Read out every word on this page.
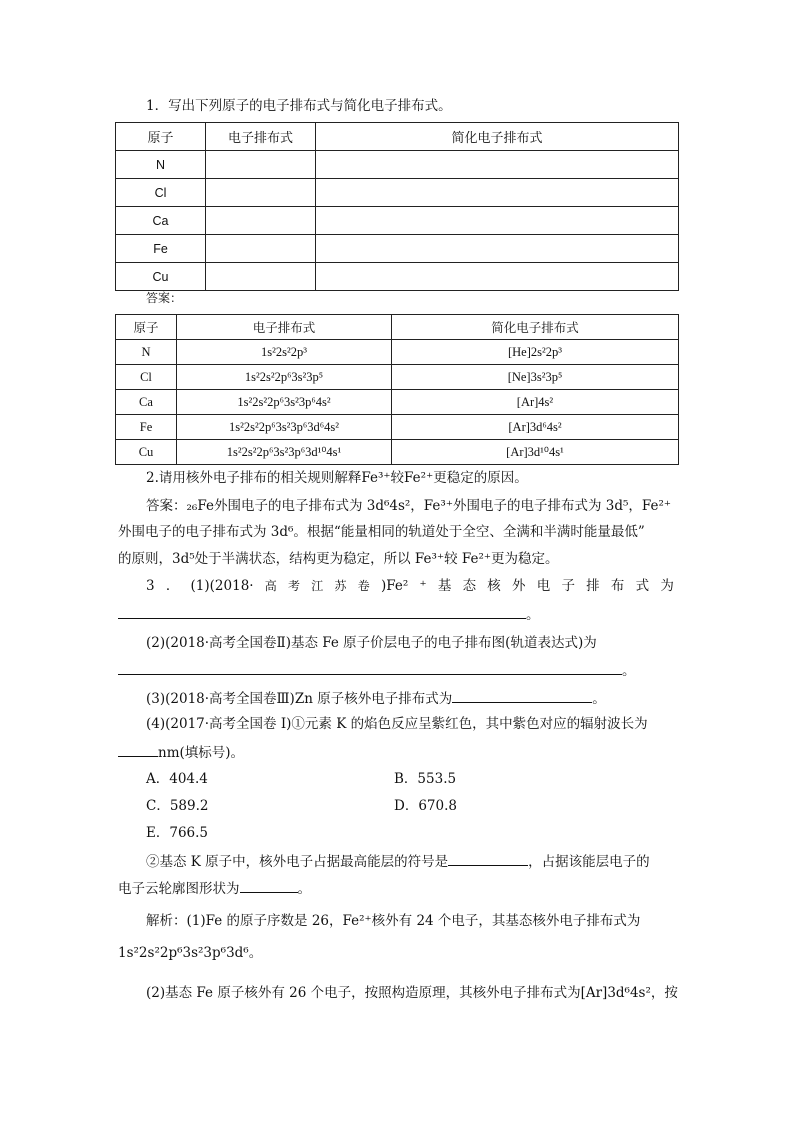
1．写出下列原子的电子排布式与简化电子排布式。
原子	电子排布式	简化电子排布式
N		
Cl		
Ca		
Fe		
Cu		
答案：
原子	电子排布式	简化电子排布式
N	1s²2s²2p³	[He]2s²2p³
Cl	1s²2s²2p⁶3s²3p⁵	[Ne]3s²3p⁵
Ca	1s²2s²2p⁶3s²3p⁶4s²	[Ar]4s²
Fe	1s²2s²2p⁶3s²3p⁶3d⁶4s²	[Ar]3d⁶4s²
Cu	1s²2s²2p⁶3s²3p⁶3d¹⁰4s¹	[Ar]3d¹⁰4s¹
2.请用核外电子排布的相关规则解释Fe³⁺较Fe²⁺更稳定的原因。
答案：₂₆Fe外围电子的电子排布式为 3d⁶4s²，Fe³⁺外围电子的电子排布式为 3d⁵，Fe²⁺
外围电子的电子排布式为 3d⁶。根据“能量相同的轨道处于全空、全满和半满时能量最低”
的原则，3d⁵处于半满状态，结构更为稳定，所以 Fe³⁺较 Fe²⁺更为稳定。
3 ． (1)(2018· 高 考 江 苏 卷 )Fe² ⁺ 基 态 核 外 电 子 排 布 式 为
。
(2)(2018·高考全国卷Ⅱ)基态 Fe 原子价层电子的电子排布图(轨道表达式)为
。
(3)(2018·高考全国卷Ⅲ)Zn 原子核外电子排布式为	。
(4)(2017·高考全国卷 Ⅰ)①元素 K 的焰色反应呈紫红色，其中紫色对应的辐射波长为
nm(填标号)。
A．404.4	B．553.5
C．589.2	D．670.8
E．766.5
②基态 K 原子中，核外电子占据最高能层的符号是	，占据该能层电子的
电子云轮廓图形状为	。
解析：(1)Fe 的原子序数是 26，Fe²⁺核外有 24 个电子，其基态核外电子排布式为
1s²2s²2p⁶3s²3p⁶3d⁶。
(2)基态 Fe 原子核外有 26 个电子，按照构造原理，其核外电子排布式为[Ar]3d⁶4s²，按
